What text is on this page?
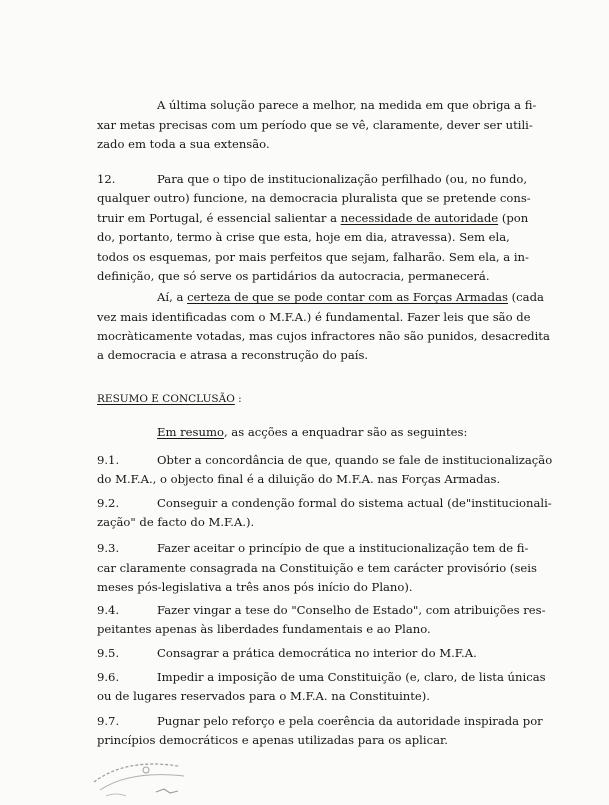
A última solução parece a melhor, na medida em que obriga a fi-
xar metas precisas com um período que se vê, claramente, dever ser utili-
zado em toda a sua extensão.
12.	Para que o tipo de institucionalização perfilhado (ou, no fundo,
qualquer outro) funcione, na democracia pluralista que se pretende cons-
truir em Portugal, é essencial salientar a necessidade de autoridade (pon
do, portanto, termo à crise que esta, hoje em dia, atravessa). Sem ela,
todos os esquemas, por mais perfeitos que sejam, falharão. Sem ela, a in-
definição, que só serve os partidários da autocracia, permanecerá.
Aí, a certeza de que se pode contar com as Forças Armadas (cada
vez mais identificadas com o M.F.A.) é fundamental. Fazer leis que são de
mocràticamente votadas, mas cujos infractores não são punidos, desacredita
a democracia e atrasa a reconstrução do país.
RESUMO E CONCLUSÃO :
Em resumo, as acções a enquadrar são as seguintes:
9.1.	Obter a concordância de que, quando se fale de institucionalização
do M.F.A., o objecto final é a diluição do M.F.A. nas Forças Armadas.
9.2.	Conseguir a condenção formal do sistema actual (de"institucionali-
zação" de facto do M.F.A.).
9.3.	Fazer aceitar o princípio de que a institucionalização tem de fi-
car claramente consagrada na Constituição e tem carácter provisório (seis
meses pós-legislativa a três anos pós início do Plano).
9.4.	Fazer vingar a tese do "Conselho de Estado", com atribuições res-
peitantes apenas às liberdades fundamentais e ao Plano.
9.5.	Consagrar a prática democrática no interior do M.F.A.
9.6.	Impedir a imposição de uma Constituição (e, claro, de lista únicas
ou de lugares reservados para o M.F.A. na Constituinte).
9.7.	Pugnar pelo reforço e pela coerência da autoridade inspirada por
princípios democráticos e apenas utilizadas para os aplicar.
